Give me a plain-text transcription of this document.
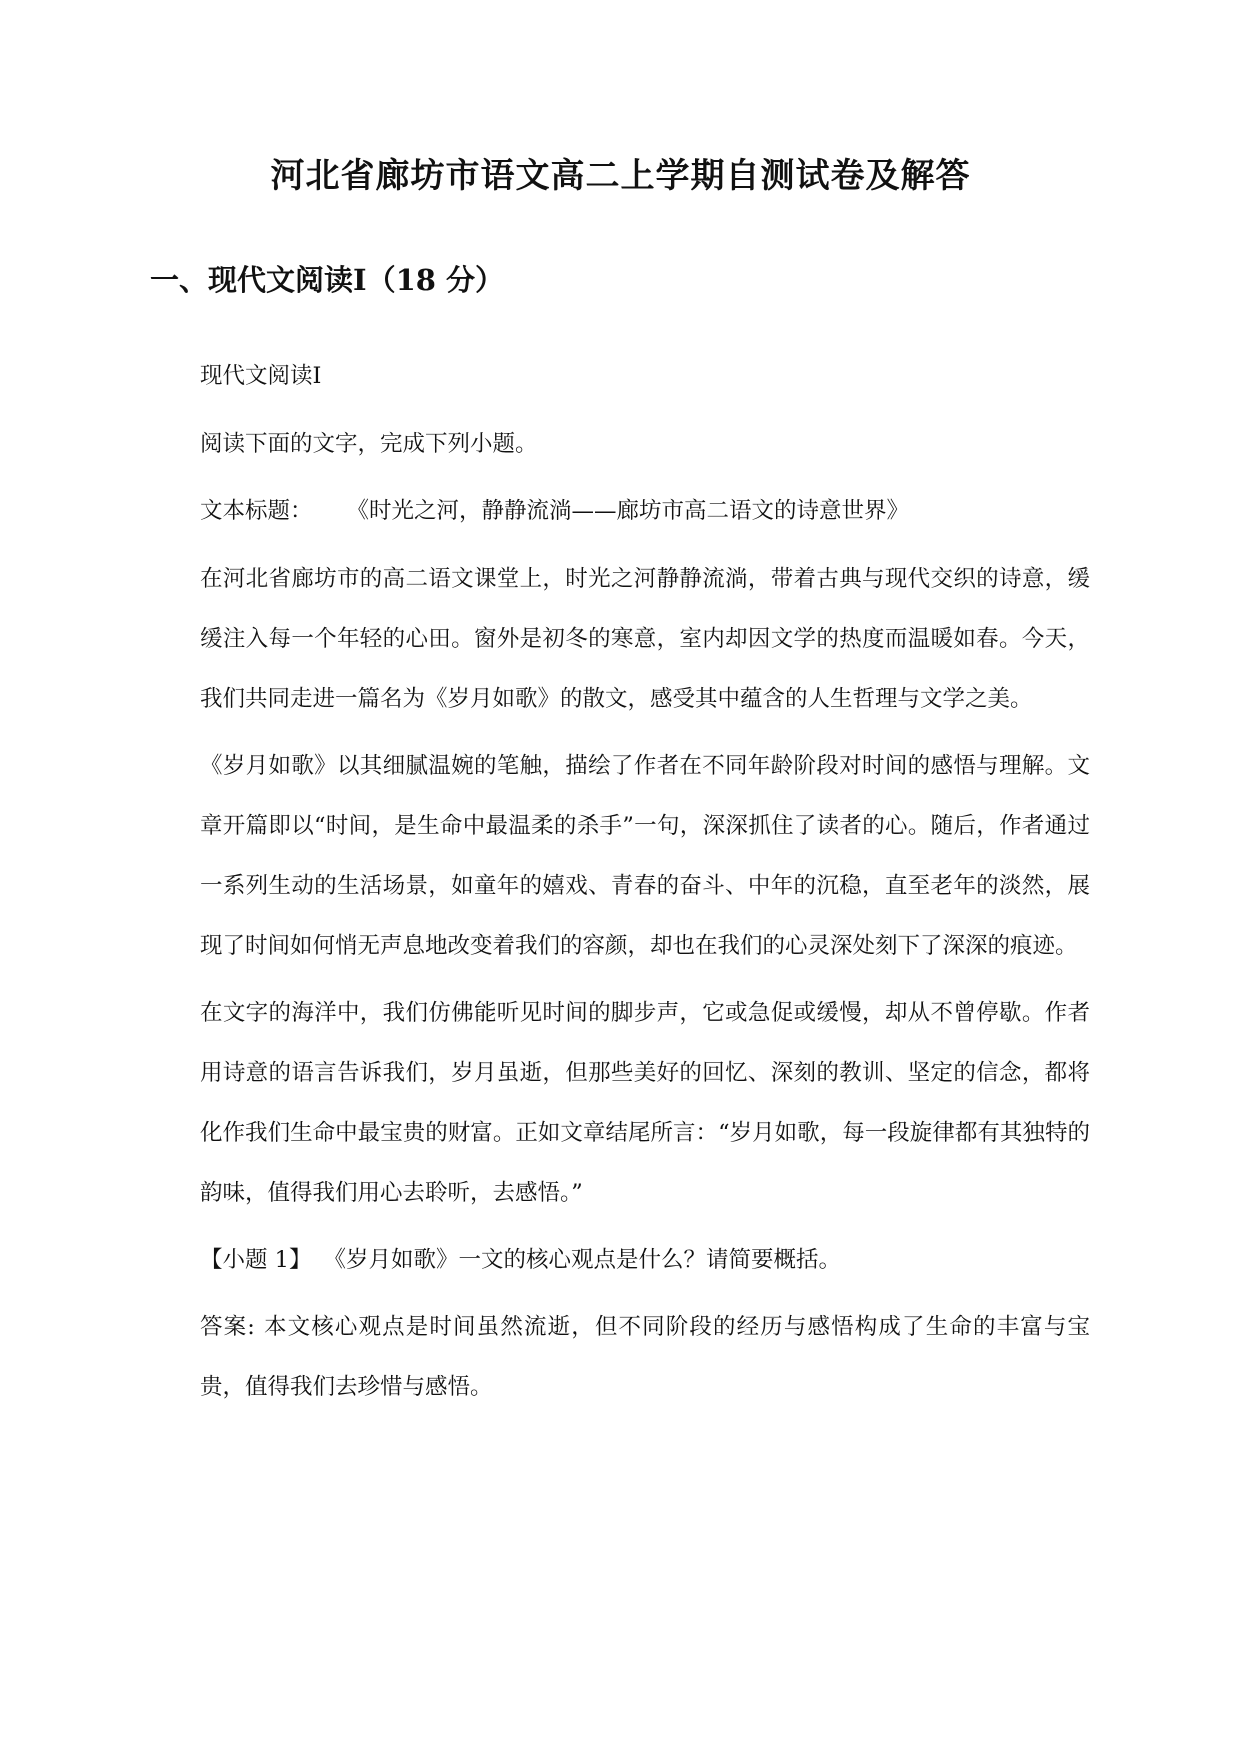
河北省廊坊市语文高二上学期自测试卷及解答
一、现代文阅读Ⅰ（18 分）

现代文阅读Ⅰ

阅读下面的文字，完成下列小题。

文本标题： 《时光之河，静静流淌——廊坊市高二语文的诗意世界》

在河北省廊坊市的高二语文课堂上，时光之河静静流淌，带着古典与现代交织的诗意，缓缓注入每一个年轻的心田。窗外是初冬的寒意，室内却因文学的热度而温暖如春。今天，我们共同走进一篇名为《岁月如歌》的散文，感受其中蕴含的人生哲理与文学之美。

《岁月如歌》以其细腻温婉的笔触，描绘了作者在不同年龄阶段对时间的感悟与理解。文章开篇即以“时间，是生命中最温柔的杀手”一句，深深抓住了读者的心。随后，作者通过一系列生动的生活场景，如童年的嬉戏、青春的奋斗、中年的沉稳，直至老年的淡然，展现了时间如何悄无声息地改变着我们的容颜，却也在我们的心灵深处刻下了深深的痕迹。

在文字的海洋中，我们仿佛能听见时间的脚步声，它或急促或缓慢，却从不曾停歇。作者用诗意的语言告诉我们，岁月虽逝，但那些美好的回忆、深刻的教训、坚定的信念，都将化作我们生命中最宝贵的财富。正如文章结尾所言：“岁月如歌，每一段旋律都有其独特的韵味，值得我们用心去聆听，去感悟。”

【小题 1】 《岁月如歌》一文的核心观点是什么？请简要概括。

答案: 本文核心观点是时间虽然流逝，但不同阶段的经历与感悟构成了生命的丰富与宝贵，值得我们去珍惜与感悟。
